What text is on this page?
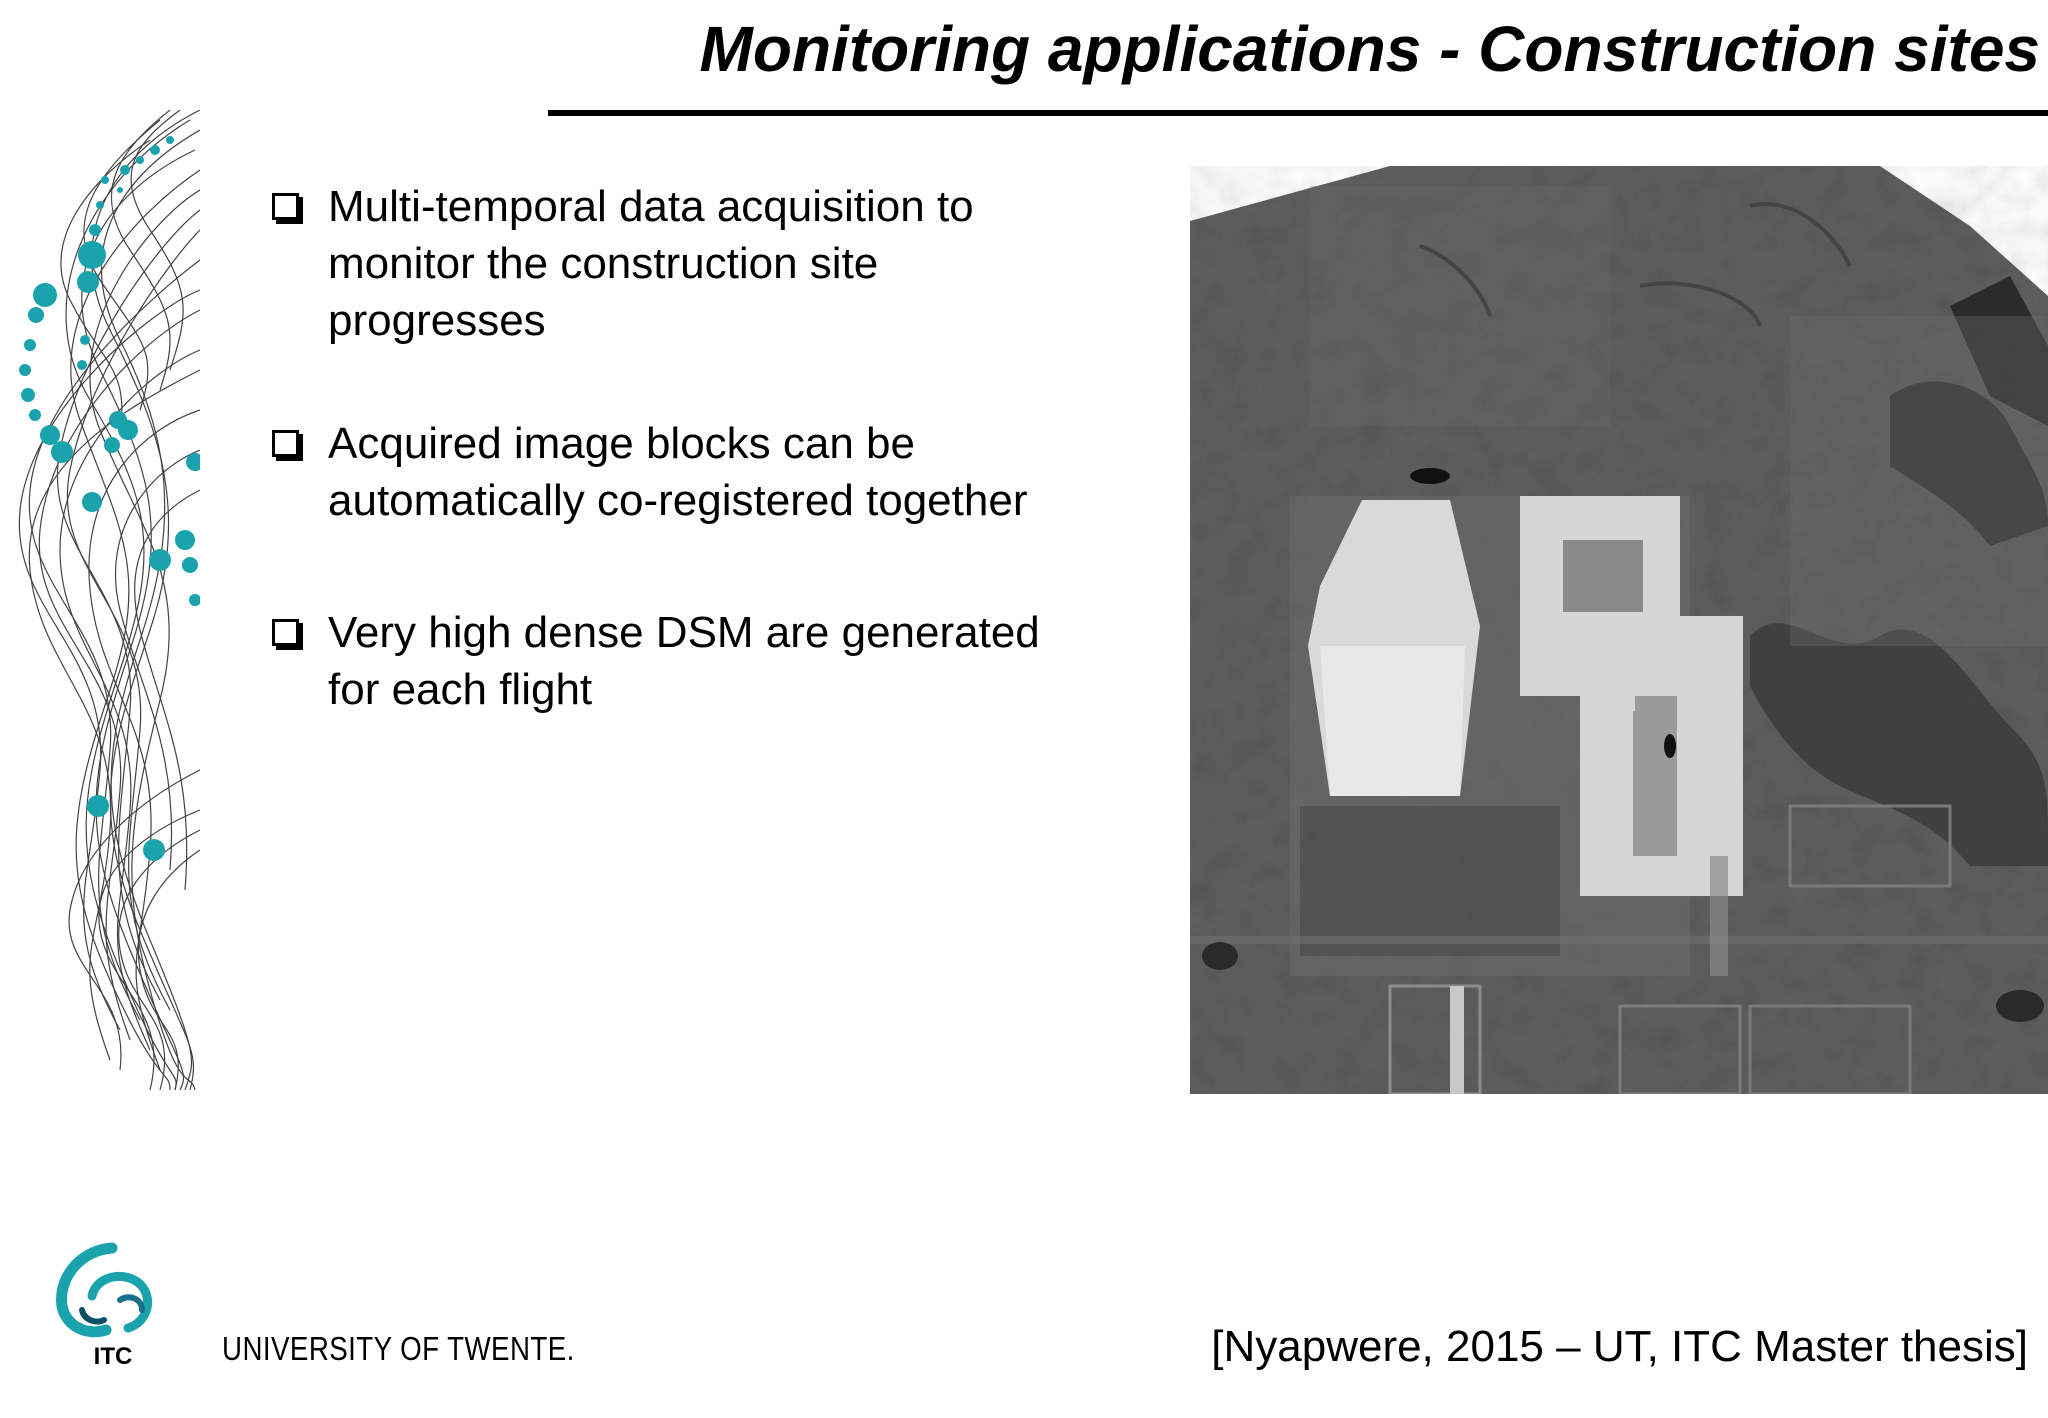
Monitoring applications - Construction sites
Multi-temporal data acquisition to
monitor the construction site
progresses
Acquired image blocks can be
automatically co-registered together
Very high dense DSM are generated
for each flight
ITC	UNIVERSITY OF TWENTE.	[Nyapwere, 2015 – UT, ITC Master thesis]
